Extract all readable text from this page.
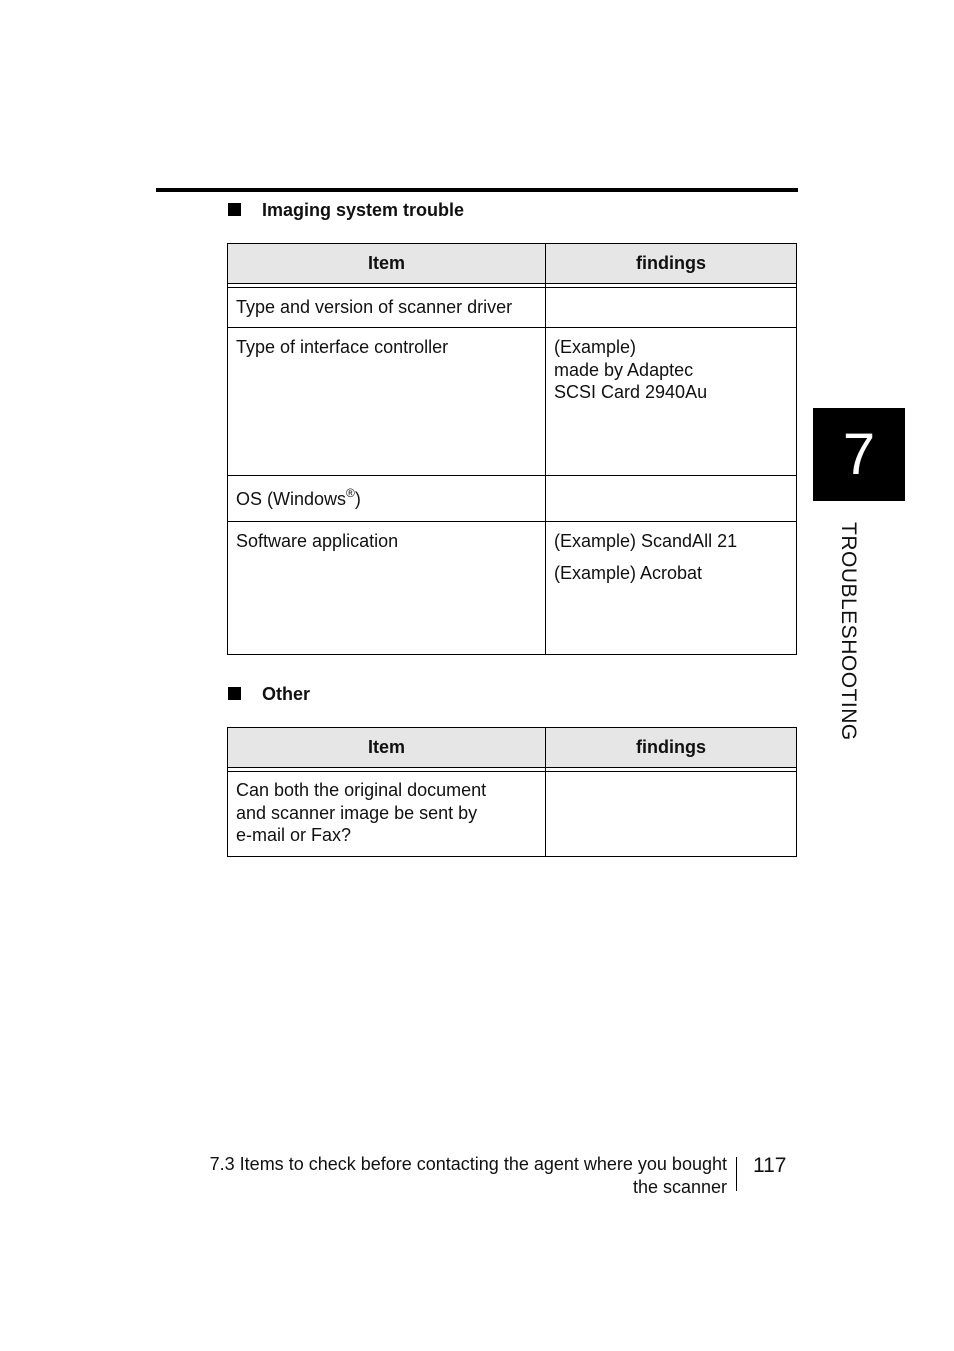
Imaging system trouble
Item	findings

Type and version of scanner driver	

Type of interface controller	(Example)
made by Adaptec
SCSI Card 2940Au

OS (Windows®)	

Software application	(Example) ScandAll 21
(Example) Acrobat
Other
Item	findings

Can both the original document
and scanner image be sent by
e-mail or Fax?	

7
TROUBLESHOOTING
7.3 Items to check before contacting the agent where you bought
the scanner
117
